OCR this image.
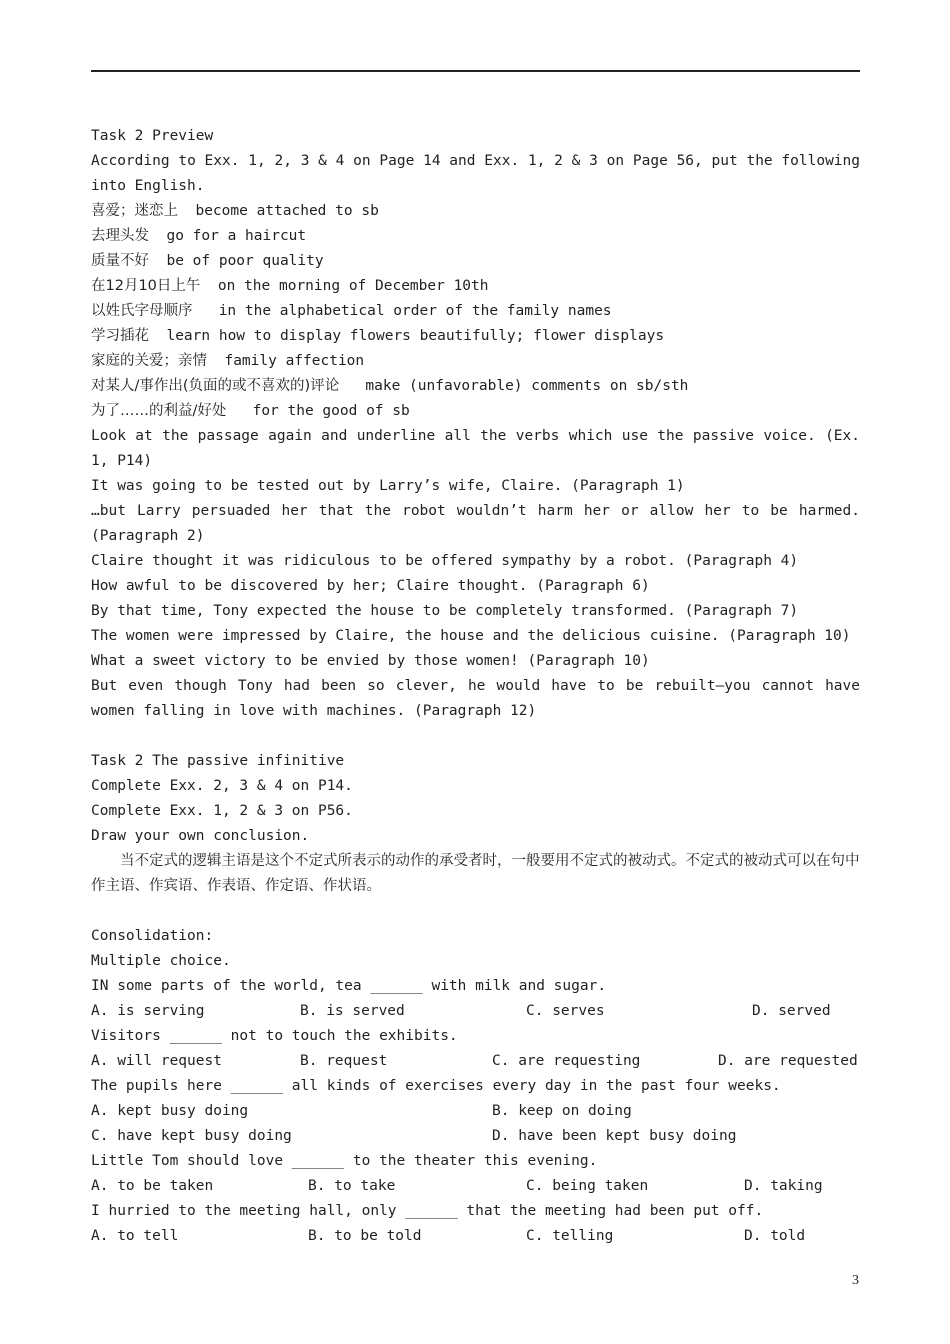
Task 2 Preview
According to Exx. 1, 2, 3 & 4 on Page 14 and Exx. 1, 2 & 3 on Page 56, put the following into English.
喜爱；迷恋上 become attached to sb
去理头发 go for a haircut
质量不好 be of poor quality
在12月10日上午 on the morning of December 10th
以姓氏字母顺序 in the alphabetical order of the family names
学习插花 learn how to display flowers beautifully; flower displays
家庭的关爱；亲情 family affection
对某人/事作出(负面的或不喜欢的)评论 make (unfavorable) comments on sb/sth
为了……的利益/好处 for the good of sb
Look at the passage again and underline all the verbs which use the passive voice. (Ex. 1, P14)
It was going to be tested out by Larry’s wife, Claire. (Paragraph 1)
…but Larry persuaded her that the robot wouldn’t harm her or allow her to be harmed. (Paragraph 2)
Claire thought it was ridiculous to be offered sympathy by a robot. (Paragraph 4)
How awful to be discovered by her; Claire thought. (Paragraph 6)
By that time, Tony expected the house to be completely transformed. (Paragraph 7)
The women were impressed by Claire, the house and the delicious cuisine. (Paragraph 10)
What a sweet victory to be envied by those women! (Paragraph 10)
But even though Tony had been so clever, he would have to be rebuilt—you cannot have women falling in love with machines. (Paragraph 12)
Task 2 The passive infinitive
Complete Exx. 2, 3 & 4 on P14.
Complete Exx. 1, 2 & 3 on P56.
Draw your own conclusion.
当不定式的逻辑主语是这个不定式所表示的动作的承受者时，一般要用不定式的被动式。不定式的被动式可以在句中作主语、作宾语、作表语、作定语、作状语。
Consolidation:
Multiple choice.
IN some parts of the world, tea ______ with milk and sugar.
A. is serving	B. is served	C. serves	D. served
Visitors ______ not to touch the exhibits.
A. will request	B. request	C. are requesting	D. are requested
The pupils here ______ all kinds of exercises every day in the past four weeks.
A. kept busy doing	B. keep on doing
C. have kept busy doing	D. have been kept busy doing
Little Tom should love ______ to the theater this evening.
A. to be taken	B. to take	C. being taken	D. taking
I hurried to the meeting hall, only ______ that the meeting had been put off.
A. to tell	B. to be told	C. telling	D. told
3
